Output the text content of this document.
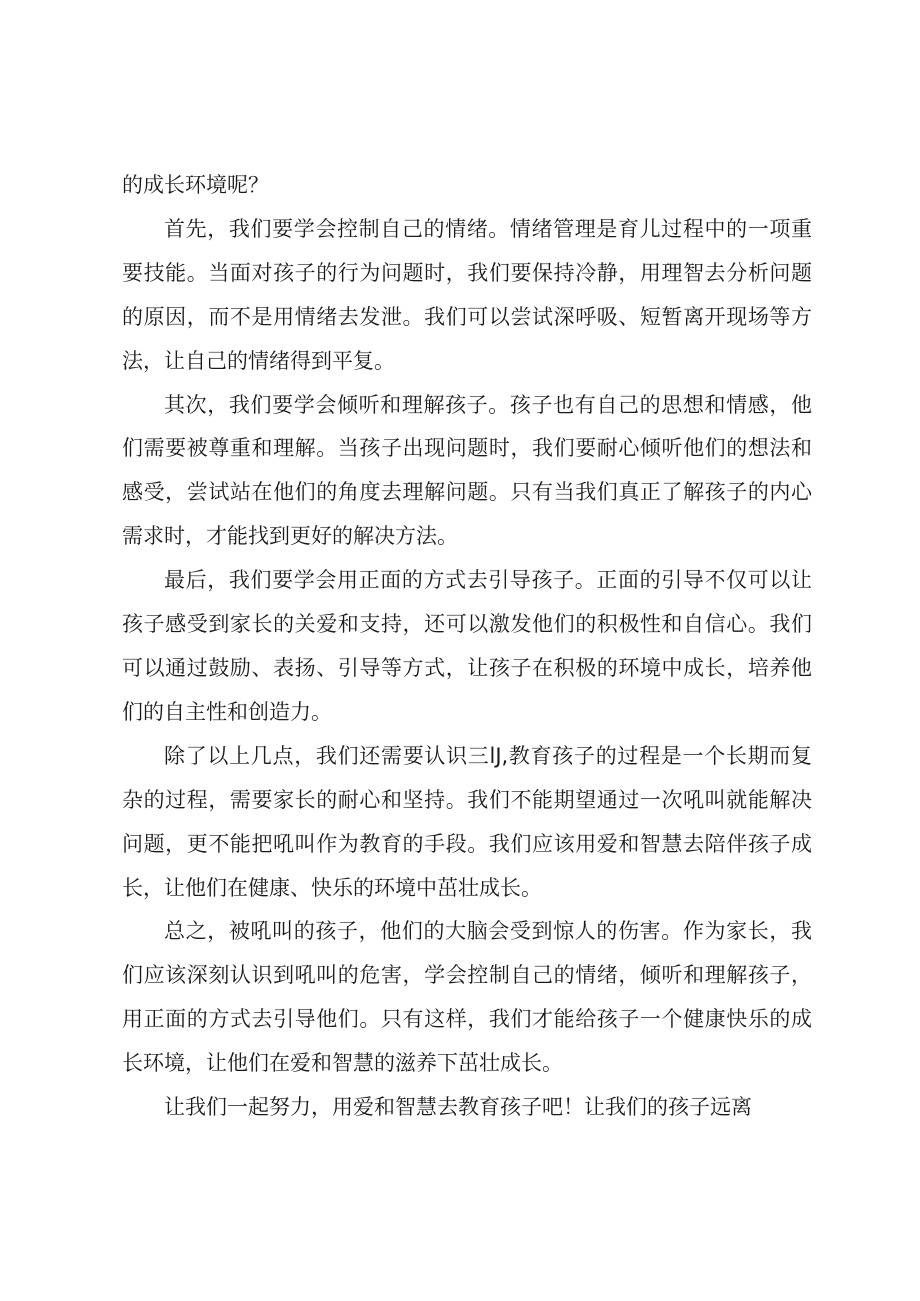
的成长环境呢？

首先，我们要学会控制自己的情绪。情绪管理是育儿过程中的一项重要技能。当面对孩子的行为问题时，我们要保持冷静，用理智去分析问题的原因，而不是用情绪去发泄。我们可以尝试深呼吸、短暂离开现场等方法，让自己的情绪得到平复。

其次，我们要学会倾听和理解孩子。孩子也有自己的思想和情感，他们需要被尊重和理解。当孩子出现问题时，我们要耐心倾听他们的想法和感受，尝试站在他们的角度去理解问题。只有当我们真正了解孩子的内心需求时，才能找到更好的解决方法。

最后，我们要学会用正面的方式去引导孩子。正面的引导不仅可以让孩子感受到家长的关爱和支持，还可以激发他们的积极性和自信心。我们可以通过鼓励、表扬、引导等方式，让孩子在积极的环境中成长，培养他们的自主性和创造力。

除了以上几点，我们还需要认识三lJ,教育孩子的过程是一个长期而复杂的过程，需要家长的耐心和坚持。我们不能期望通过一次吼叫就能解决问题，更不能把吼叫作为教育的手段。我们应该用爱和智慧去陪伴孩子成长，让他们在健康、快乐的环境中茁壮成长。

总之，被吼叫的孩子，他们的大脑会受到惊人的伤害。作为家长，我们应该深刻认识到吼叫的危害，学会控制自己的情绪，倾听和理解孩子，用正面的方式去引导他们。只有这样，我们才能给孩子一个健康快乐的成长环境，让他们在爱和智慧的滋养下茁壮成长。

让我们一起努力，用爱和智慧去教育孩子吧！让我们的孩子远离
